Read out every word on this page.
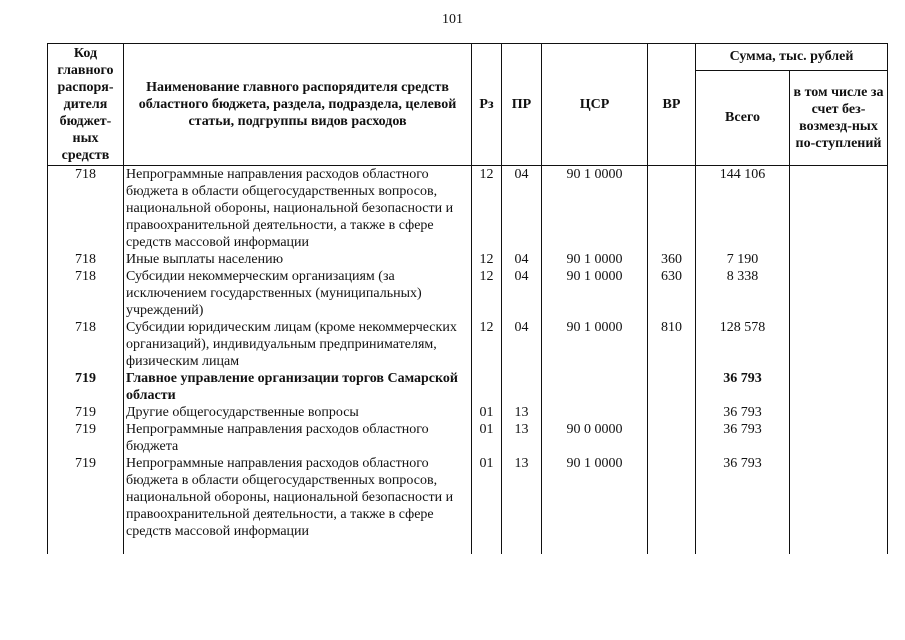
101
Код главного распоря-дителя бюджет-ных средств	Наименование главного распорядителя средств областного бюджета, раздела, подраздела, целевой статьи, подгруппы видов расходов	Рз	ПР	ЦСР	ВР	Сумма, тыс. рублей	
						Всего	в том числе за счет без-возмезд-ных по-ступлений
718	Непрограммные направления расходов областного бюджета в области общегосударственных вопросов, национальной обороны, национальной безопасности и правоохранительной деятельности, а также в сфере средств массовой информации	12	04	90 1 0000		144 106	
718	Иные выплаты населению	12	04	90 1 0000	360	7 190	
718	Субсидии некоммерческим организациям (за исключением государственных (муниципальных) учреждений)	12	04	90 1 0000	630	8 338	
718	Субсидии юридическим лицам (кроме некоммерческих организаций), индивидуальным предпринимателям, физическим лицам	12	04	90 1 0000	810	128 578	
719	Главное управление организации торгов Самарской области					36 793	
719	Другие общегосударственные вопросы	01	13			36 793	
719	Непрограммные направления расходов областного бюджета	01	13	90 0 0000		36 793	
719	Непрограммные направления расходов областного бюджета в области общегосударственных вопросов, национальной обороны, национальной безопасности и правоохранительной деятельности, а также в сфере средств массовой информации	01	13	90 1 0000		36 793	
